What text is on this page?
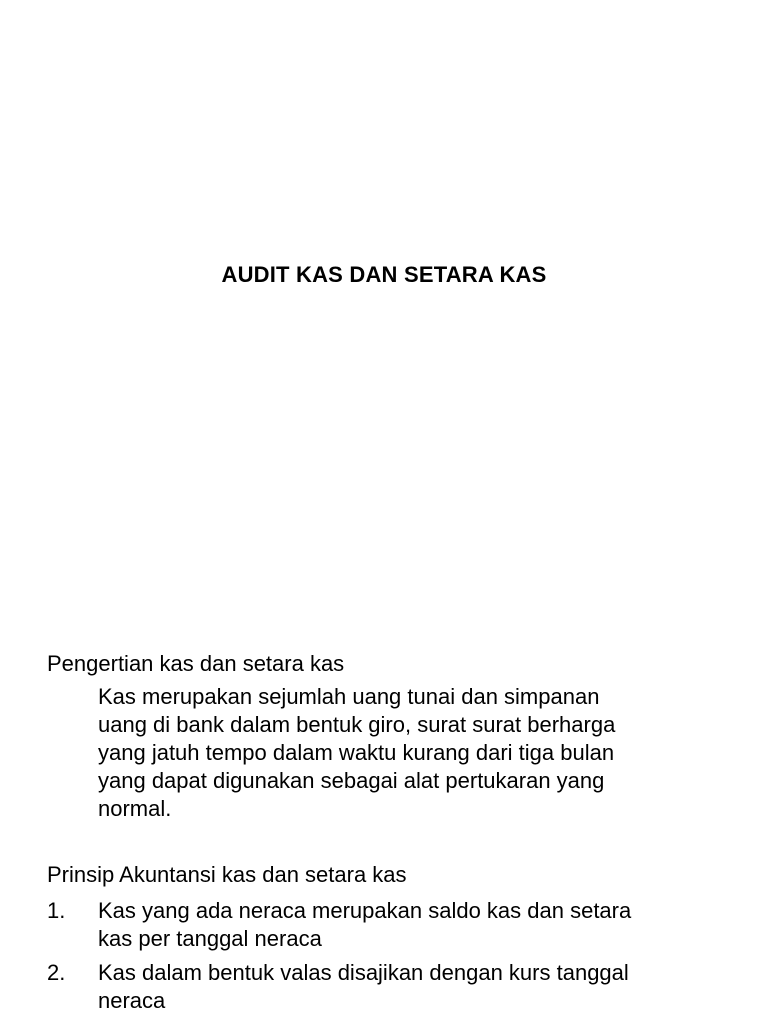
AUDIT KAS DAN SETARA KAS
Pengertian kas dan setara kas
Kas merupakan sejumlah uang tunai dan simpanan
uang di bank dalam bentuk giro, surat surat berharga
yang jatuh tempo dalam waktu kurang dari tiga bulan
yang dapat digunakan sebagai alat pertukaran yang
normal.
Prinsip Akuntansi kas dan setara kas
1. Kas yang ada neraca merupakan saldo kas dan setara
kas per tanggal neraca
2. Kas dalam bentuk valas disajikan dengan kurs tanggal
neraca
